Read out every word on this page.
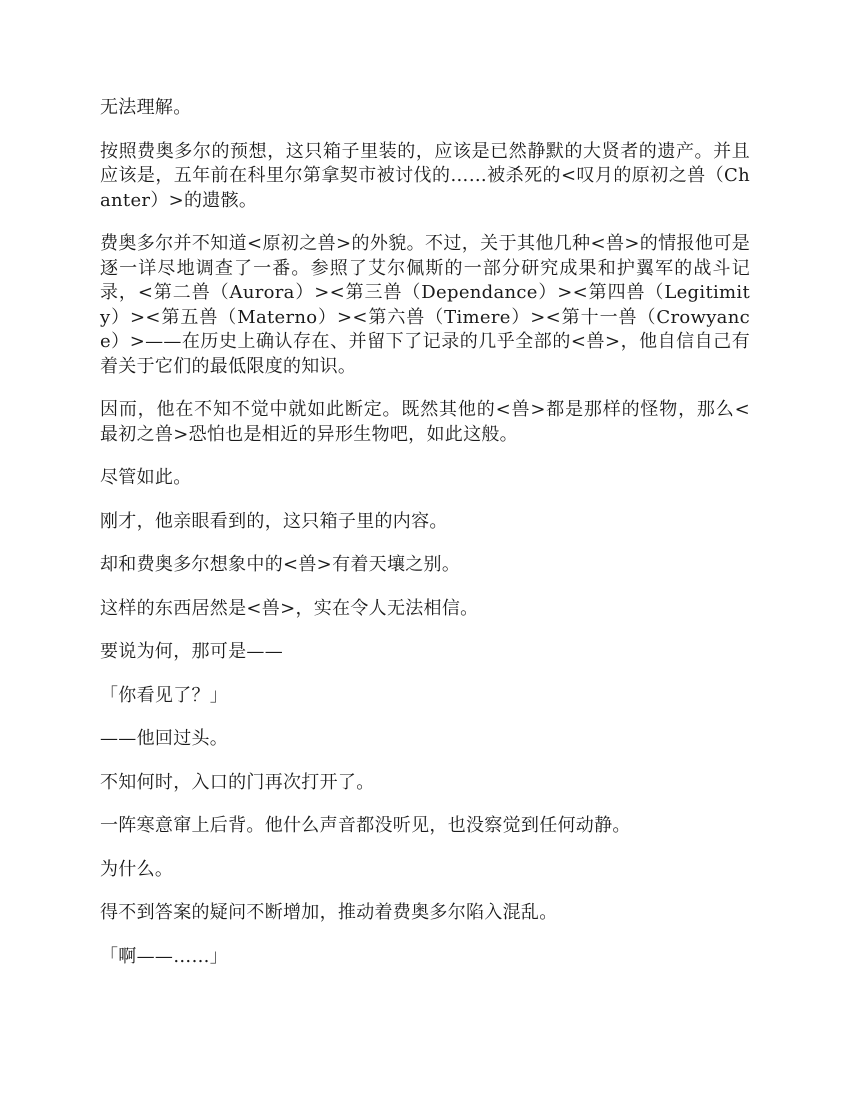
无法理解。

按照费奥多尔的预想，这只箱子里装的，应该是已然静默的大贤者的遗产。并且应该是，五年前在科里尔第拿契市被讨伐的……被杀死的<叹月的原初之兽（Chanter）>的遗骸。

费奥多尔并不知道<原初之兽>的外貌。不过，关于其他几种<兽>的情报他可是逐一详尽地调查了一番。参照了艾尔佩斯的一部分研究成果和护翼军的战斗记录，<第二兽（Aurora）><第三兽（Dependance）><第四兽（Legitimity）><第五兽（Materno）><第六兽（Timere）><第十一兽（Crowyance）>——在历史上确认存在、并留下了记录的几乎全部的<兽>，他自信自己有着关于它们的最低限度的知识。

因而，他在不知不觉中就如此断定。既然其他的<兽>都是那样的怪物，那么<最初之兽>恐怕也是相近的异形生物吧，如此这般。

尽管如此。

刚才，他亲眼看到的，这只箱子里的内容。

却和费奥多尔想象中的<兽>有着天壤之别。

这样的东西居然是<兽>，实在令人无法相信。

要说为何，那可是——

「你看见了？」

——他回过头。

不知何时，入口的门再次打开了。

一阵寒意窜上后背。他什么声音都没听见，也没察觉到任何动静。

为什么。

得不到答案的疑问不断增加，推动着费奥多尔陷入混乱。

「啊——……」
